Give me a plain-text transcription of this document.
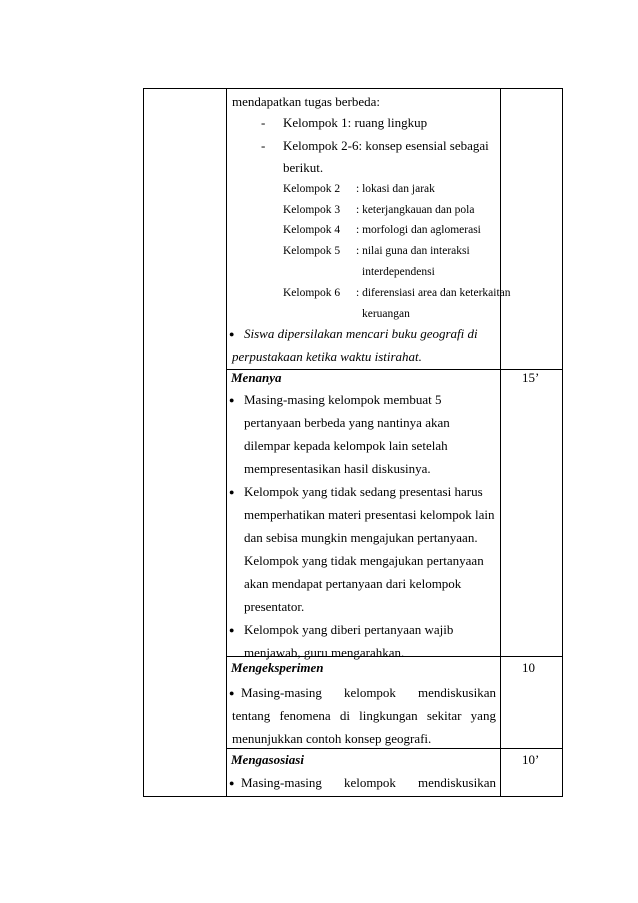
mendapatkan tugas berbeda:
- Kelompok 1: ruang lingkup
- Kelompok 2-6: konsep esensial sebagai
berikut.
Kelompok 2 : lokasi dan jarak
Kelompok 3 : keterjangkauan dan pola
Kelompok 4 : morfologi dan aglomerasi
Kelompok 5 : nilai guna dan interaksi
interdependensi
Kelompok 6 : diferensiasi area dan keterkaitan
keruangan
● Siswa dipersilakan mencari buku geografi di
perpustakaan ketika waktu istirahat.
Menanya	15’
● Masing-masing kelompok membuat 5
pertanyaan berbeda yang nantinya akan
dilempar kepada kelompok lain setelah
mempresentasikan hasil diskusinya.
● Kelompok yang tidak sedang presentasi harus
memperhatikan materi presentasi kelompok lain
dan sebisa mungkin mengajukan pertanyaan.
Kelompok yang tidak mengajukan pertanyaan
akan mendapat pertanyaan dari kelompok
presentator.
● Kelompok yang diberi pertanyaan wajib
menjawab, guru mengarahkan.
Mengeksperimen	10
● Masing-masing kelompok mendiskusikan
tentang fenomena di lingkungan sekitar yang
menunjukkan contoh konsep geografi.
Mengasosiasi	10’
● Masing-masing kelompok mendiskusikan
